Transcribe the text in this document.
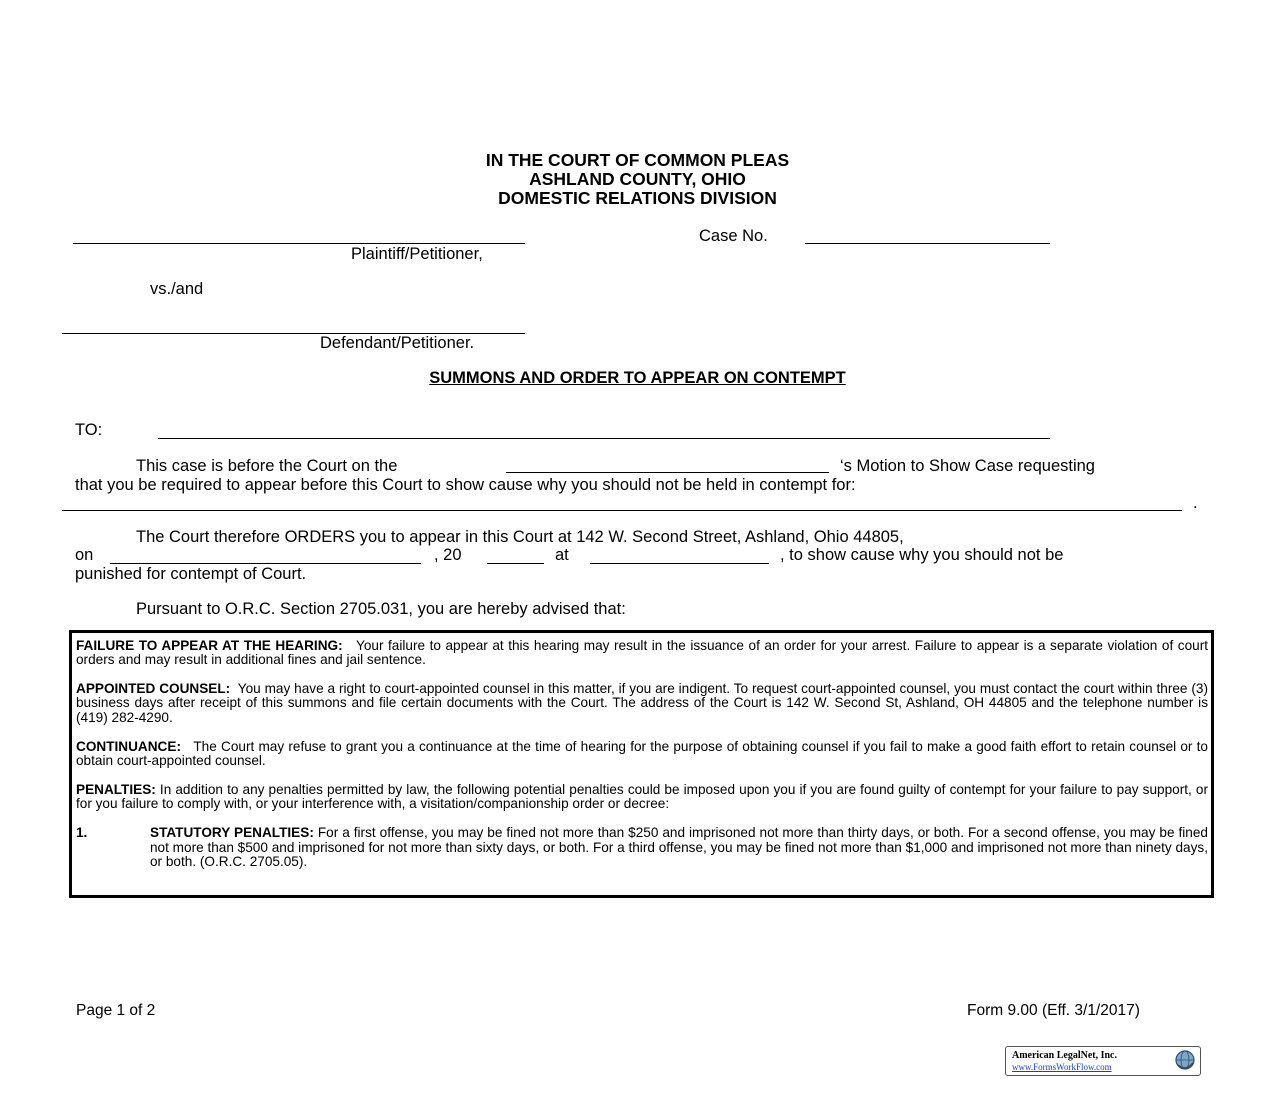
IN THE COURT OF COMMON PLEAS
ASHLAND COUNTY, OHIO
DOMESTIC RELATIONS DIVISION
Case No.
Plaintiff/Petitioner,
vs./and
Defendant/Petitioner.
SUMMONS AND ORDER TO APPEAR ON CONTEMPT
TO:
This case is before the Court on the	‘s Motion to Show Case requesting
that you be required to appear before this Court to show cause why you should not be held in contempt for:
.
The Court therefore ORDERS you to appear in this Court at 142 W. Second Street, Ashland, Ohio 44805,
on	, 20	at	, to show cause why you should not be
punished for contempt of Court.
Pursuant to O.R.C. Section 2705.031, you are hereby advised that:

FAILURE TO APPEAR AT THE HEARING: Your failure to appear at this hearing may result in the issuance of an order for your arrest. Failure to appear is a separate violation of court orders and may result in additional fines and jail sentence.

APPOINTED COUNSEL: You may have a right to court-appointed counsel in this matter, if you are indigent. To request court-appointed counsel, you must contact the court within three (3) business days after receipt of this summons and file certain documents with the Court. The address of the Court is 142 W. Second St, Ashland, OH 44805 and the telephone number is (419) 282-4290.

CONTINUANCE: The Court may refuse to grant you a continuance at the time of hearing for the purpose of obtaining counsel if you fail to make a good faith effort to retain counsel or to obtain court-appointed counsel.

PENALTIES: In addition to any penalties permitted by law, the following potential penalties could be imposed upon you if you are found guilty of contempt for your failure to pay support, or for you failure to comply with, or your interference with, a visitation/companionship order or decree:

1.	STATUTORY PENALTIES: For a first offense, you may be fined not more than $250 and imprisoned not more than thirty days, or both. For a second offense, you may be fined not more than $500 and imprisoned for not more than sixty days, or both. For a third offense, you may be fined not more than $1,000 and imprisoned not more than ninety days, or both. (O.R.C. 2705.05).
Page 1 of 2	Form 9.00 (Eff. 3/1/2017)
American LegalNet, Inc.
www.FormsWorkFlow.com
